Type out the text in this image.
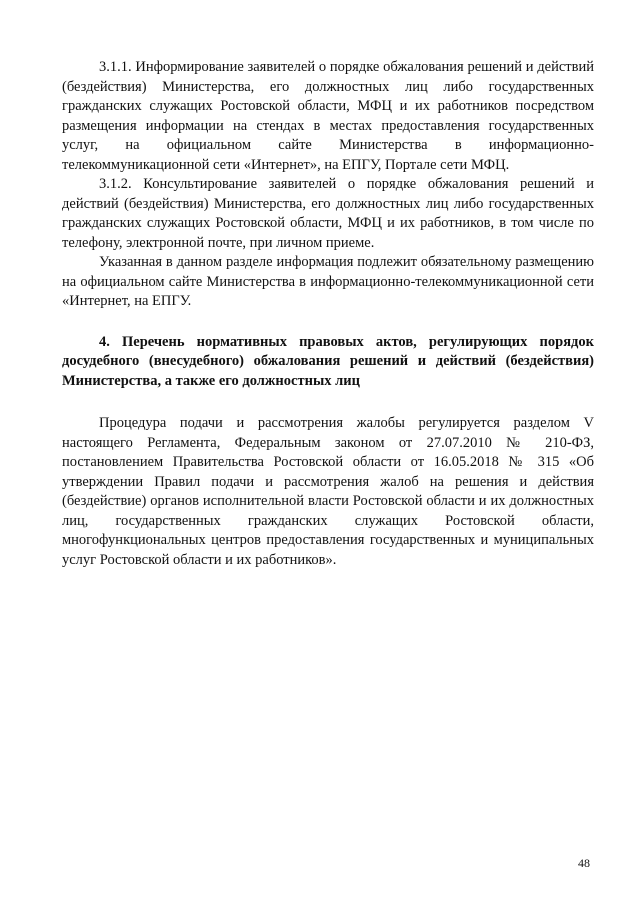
3.1.1. Информирование заявителей о порядке обжалования решений и действий (бездействия) Министерства, его должностных лиц либо государственных гражданских служащих Ростовской области, МФЦ и их работников посредством размещения информации на стендах в местах предоставления государственных услуг, на официальном сайте Министерства в информационно-телекоммуникационной сети «Интернет», на ЕПГУ, Портале сети МФЦ.

3.1.2. Консультирование заявителей о порядке обжалования решений и действий (бездействия) Министерства, его должностных лиц либо государственных гражданских служащих Ростовской области, МФЦ и их работников, в том числе по телефону, электронной почте, при личном приеме.

Указанная в данном разделе информация подлежит обязательному размещению на официальном сайте Министерства в информационно-телекоммуникационной сети «Интернет, на ЕПГУ.

4. Перечень нормативных правовых актов, регулирующих порядок досудебного (внесудебного) обжалования решений и действий (бездействия) Министерства, а также его должностных лиц

Процедура подачи и рассмотрения жалобы регулируется разделом V настоящего Регламента, Федеральным законом от 27.07.2010 № 210-ФЗ, постановлением Правительства Ростовской области от 16.05.2018 № 315 «Об утверждении Правил подачи и рассмотрения жалоб на решения и действия (бездействие) органов исполнительной власти Ростовской области и их должностных лиц, государственных гражданских служащих Ростовской области, многофункциональных центров предоставления государственных и муниципальных услуг Ростовской области и их работников».

48
